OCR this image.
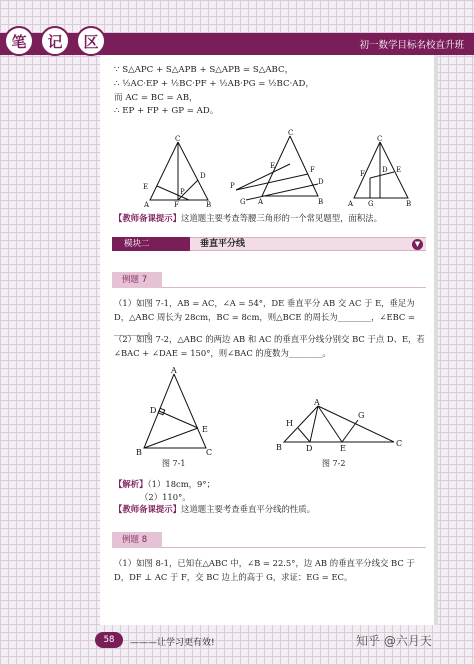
笔	记	区	初一数学目标名校直升班
∵ S△APC + S△APB + S△APB = S△ABC，
∴ ½AC·EP + ½BC·PF + ½AB·PG = ½BC·AD，
而 AC = BC = AB，
∴ EP + FP + GP = AD。
C
E
P
D
A	F	B
C
E
P
G
F
D
A	B
C
D E
F
A G	B
【教师备课提示】这道题主要考查等腰三角形的一个常见题型，面积法。
模块二	垂直平分线	▼
例题 7
（1）如图 7-1，AB = AC，∠A = 54°，DE 垂直平分 AB 交 AC 于 E，垂足为 D，△ABC 周长为 28cm，BC = 8cm，则△BCE 的周长为________，∠EBC = ________。
（2）如图 7-2，△ABC 的两边 AB 和 AC 的垂直平分线分别交 BC 于点 D、E，若∠BAC + ∠DAE = 150°，则∠BAC 的度数为________。
A
D
E
B	C
图 7-1
A
H
G
B	D	E
C
图 7-2
【解析】（1）18cm，9°；
（2）110°。
【教师备课提示】这道题主要考查垂直平分线的性质。
例题 8
（1）如图 8-1，已知在△ABC 中，∠B = 22.5°，边 AB 的垂直平分线交 BC 于 D，DF ⊥ AC 于 F，交 BC 边上的高于 G，求证：EG = EC。
58	———让学习更有效!	知乎 @六月天
